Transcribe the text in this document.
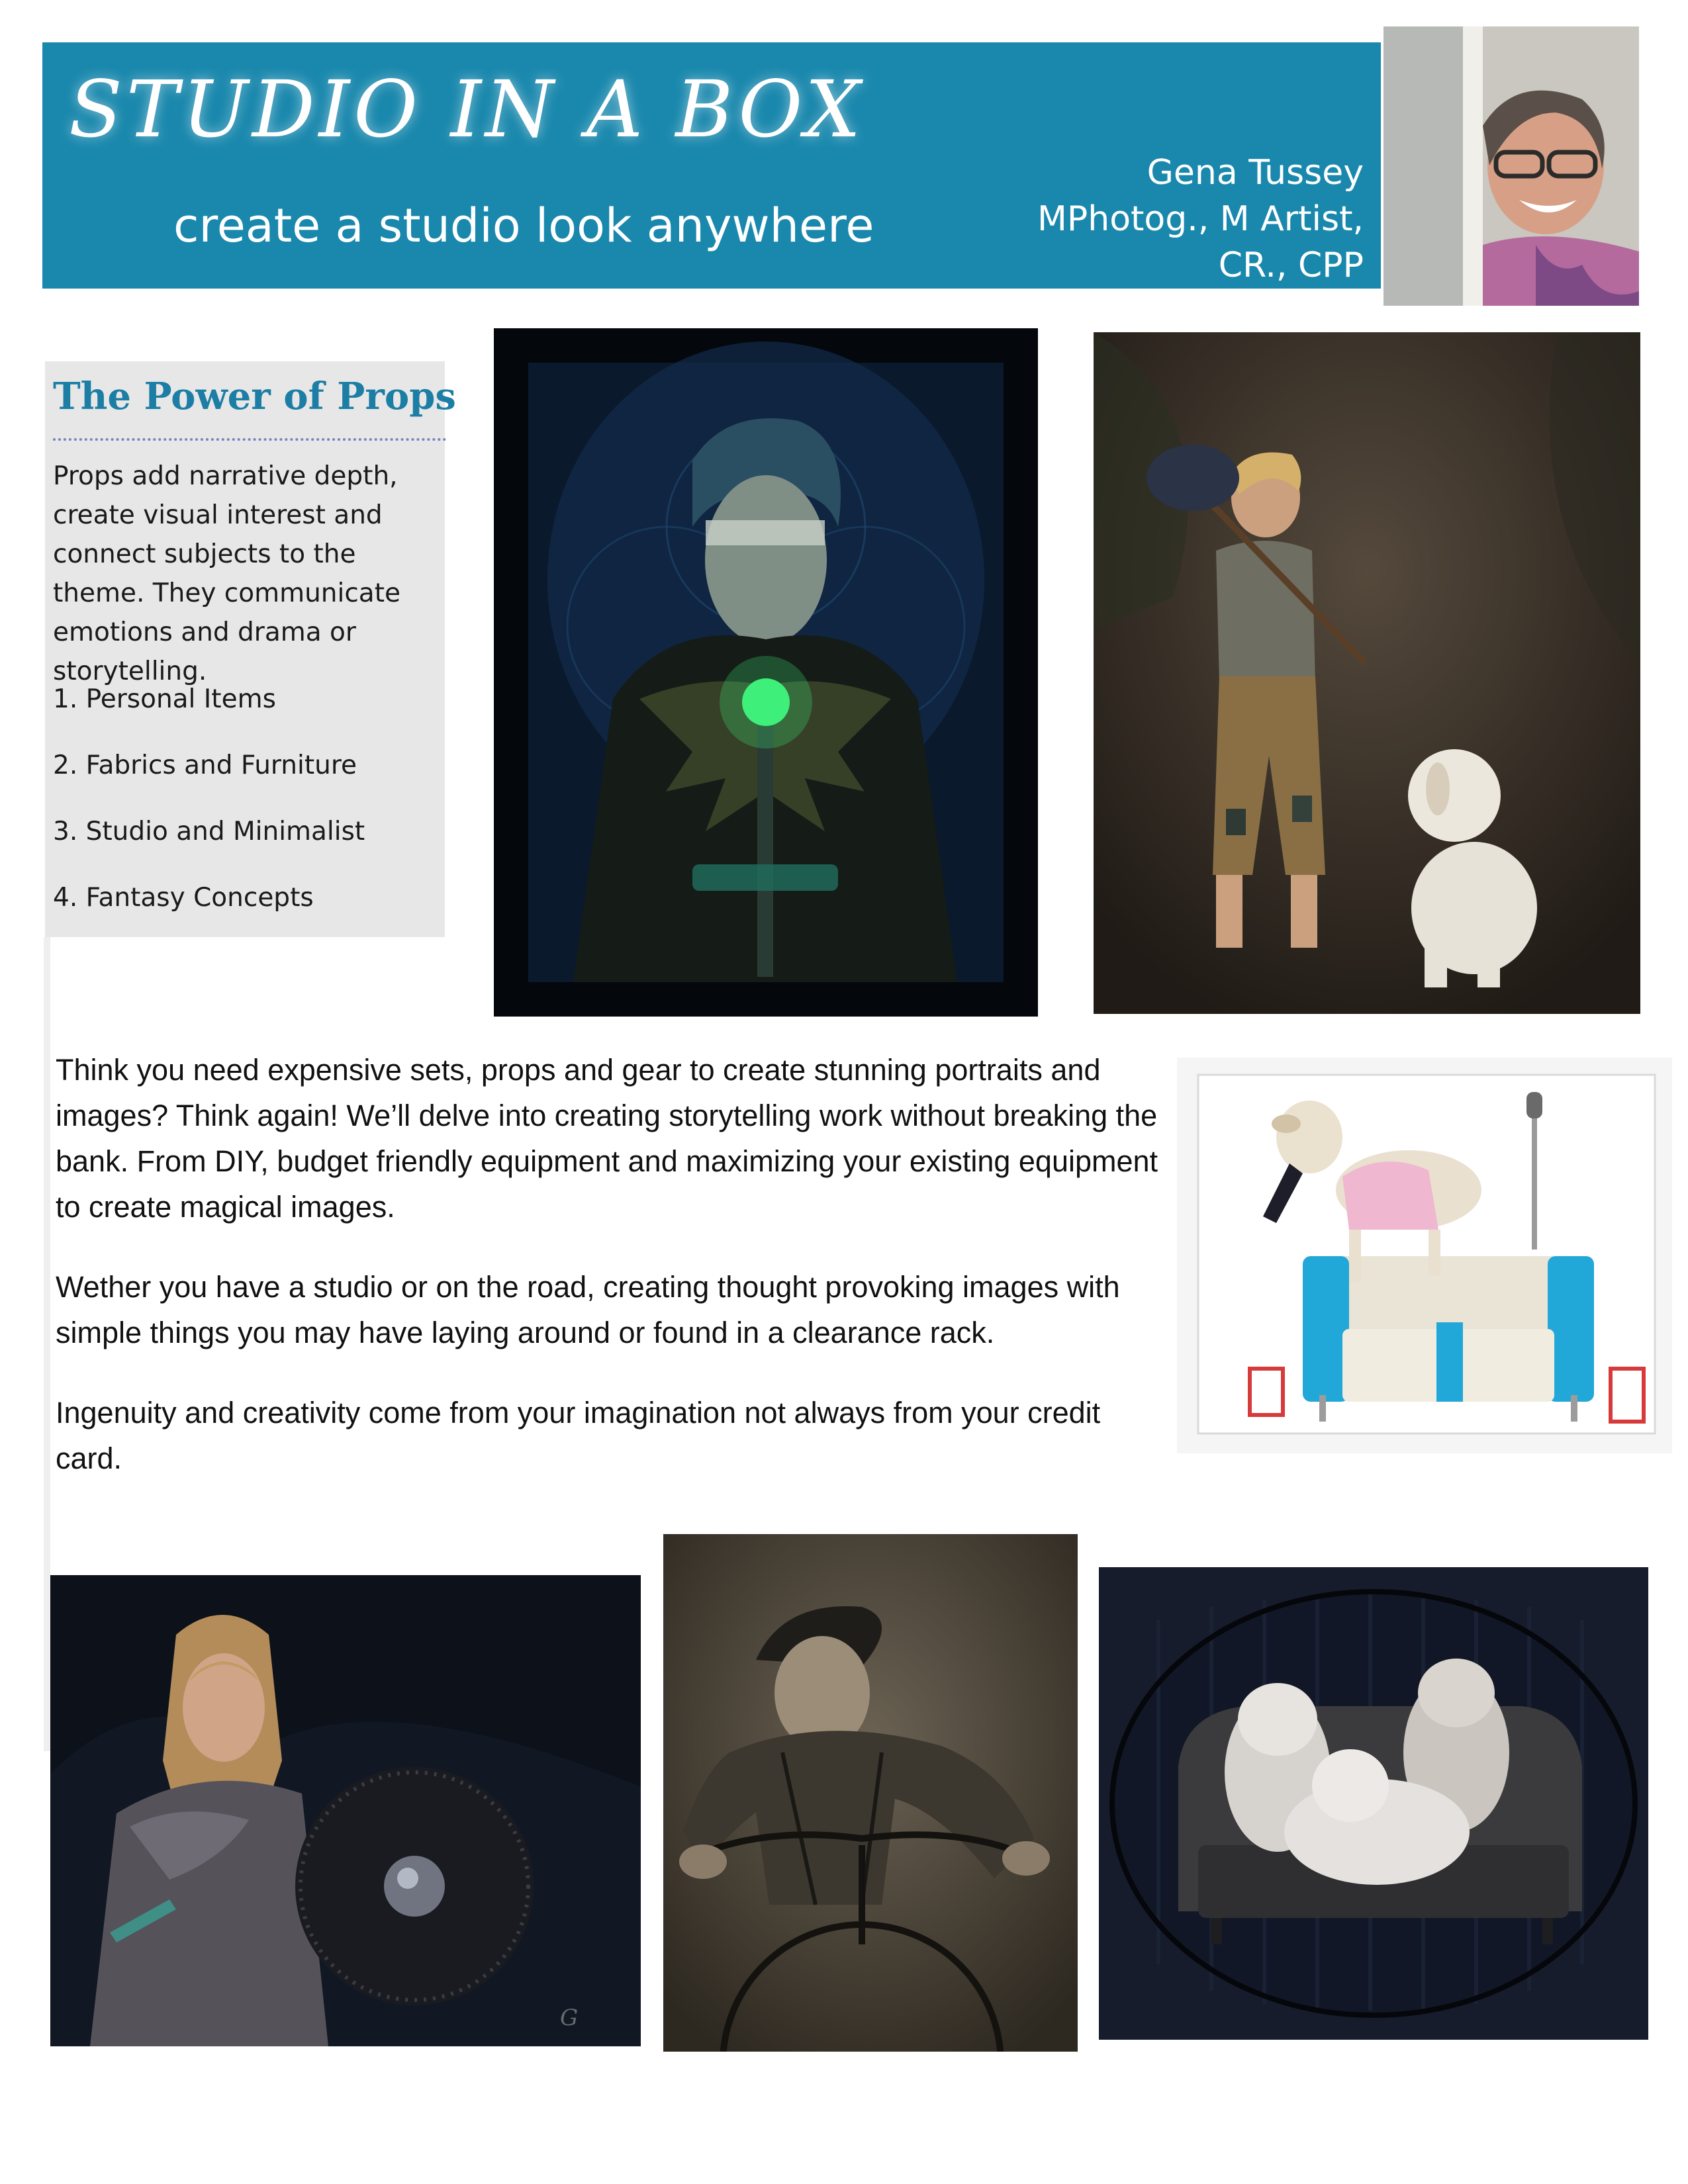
STUDIO IN A BOX
create a studio look anywhere
Gena Tussey
MPhotog., M Artist,
CR., CPP
The Power of Props
Props add narrative depth, create visual interest and connect subjects to the theme. They communicate emotions and drama or storytelling.
1. Personal Items
2. Fabrics and Furniture
3. Studio and Minimalist
4. Fantasy Concepts

Think you need expensive sets, props and gear to create stunning portraits and images? Think again! We’ll delve into creating storytelling work without breaking the bank. From DIY, budget friendly equipment and maximizing your existing equipment to create magical images.

Wether you have a studio or on the road, creating thought provoking images with simple things you may have laying around or found in a clearance rack.

Ingenuity and creativity come from your imagination not always from your credit card.

G
